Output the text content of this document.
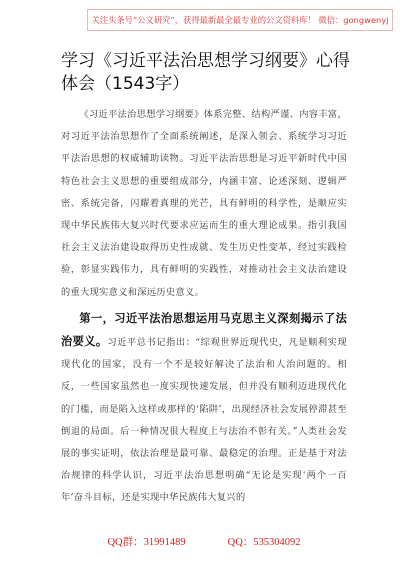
关注头条号“公文研究”，获得最新最全最专业的公文资料库！ 微信：gongwenyj
学习《习近平法治思想学习纲要》心得体会（1543字）

《习近平法治思想学习纲要》体系完整、结构严谨、内容丰富，对习近平法治思想作了全面系统阐述，是深入领会、系统学习习近平法治思想的权威辅助读物。习近平法治思想是习近平新时代中国特色社会主义思想的重要组成部分，内涵丰富、论述深刻、逻辑严密、系统完备，闪耀着真理的光芒，具有鲜明的科学性，是顺应实现中华民族伟大复兴时代要求应运而生的重大理论成果。指引我国社会主义法治建设取得历史性成就、发生历史性变革，经过实践检验，彰显实践伟力，具有鲜明的实践性，对推动社会主义法治建设的重大现实意义和深远历史意义。

第一，习近平法治思想运用马克思主义深刻揭示了法治要义。习近平总书记指出：“综观世界近现代史，凡是顺利实现现代化的国家，没有一个不是较好解决了法治和人治问题的。相反，一些国家虽然也一度实现快速发展，但并没有顺利迈进现代化的门槛，而是陷入这样或那样的‘陷阱’，出现经济社会发展停滞甚至倒退的局面。后一种情况很大程度上与法治不彰有关。”人类社会发展的事实证明，依法治理是最可靠、最稳定的治理。正是基于对法治规律的科学认识，习近平法治思想明确“无论是实现‘两个一百年’奋斗目标，还是实现中华民族伟大复兴的

QQ群：31991489	QQ：535304092
